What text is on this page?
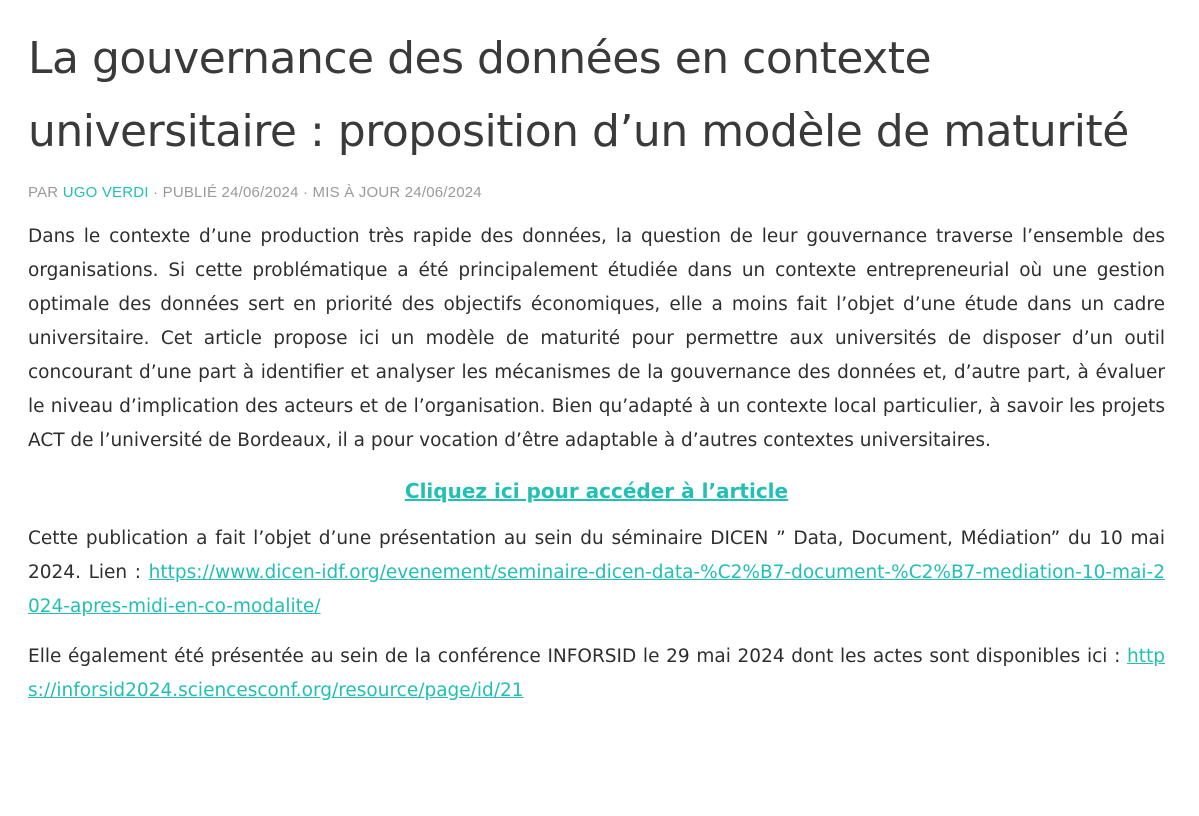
La gouvernance des données en contexte universitaire : proposition d’un modèle de maturité
PAR UGO VERDI · PUBLIÉ 24/06/2024 · MIS À JOUR 24/06/2024

Dans le contexte d’une production très rapide des données, la question de leur gouvernance traverse l’ensemble des organisations. Si cette problématique a été principalement étudiée dans un contexte entrepreneurial où une gestion optimale des données sert en priorité des objectifs économiques, elle a moins fait l’objet d’une étude dans un cadre universitaire. Cet article propose ici un modèle de maturité pour permettre aux universités de disposer d’un outil concourant d’une part à identifier et analyser les mécanismes de la gouvernance des données et, d’autre part, à évaluer le niveau d’implication des acteurs et de l’organisation. Bien qu’adapté à un contexte local particulier, à savoir les projets ACT de l’université de Bordeaux, il a pour vocation d’être adaptable à d’autres contextes universitaires.

Cliquez ici pour accéder à l’article

Cette publication a fait l’objet d’une présentation au sein du séminaire DICEN ” Data, Document, Médiation” du 10 mai 2024. Lien : https://www.dicen-idf.org/evenement/seminaire-dicen-data-%C2%B7-document-%C2%B7-mediation-10-mai-2024-apres-midi-en-co-modalite/

Elle également été présentée au sein de la conférence INFORSID le 29 mai 2024 dont les actes sont disponibles ici : https://inforsid2024.sciencesconf.org/resource/page/id/21
